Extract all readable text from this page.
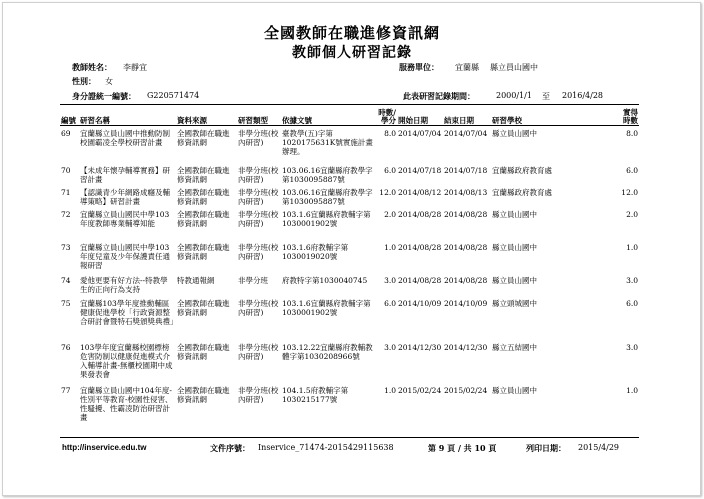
全國教師在職進修資訊網
教師個人研習記錄
教師姓名： 李靜宜	服務單位： 宜蘭縣 縣立員山國中
性別： 女
身分證統一編號： G220571474	此表研習記錄期間：	2000/1/1 至 2016/4/28
編號	研習名稱	資料來源	研習類型	依據文號	時數/
學分	開始日期	結束日期	研習學校	實得
時數

69	宜蘭縣立員山國中推動防制校園霸凌全學校研習計畫	全國教師在職進修資訊網	非學分班(校內研習)	臺教學(五)字第1020175631K號實施計畫辦理。	8.0	2014/07/04	2014/07/04	縣立員山國中	8.0
70	【未成年懷孕輔導實務】研習計畫	全國教師在職進修資訊網	非學分班(校內研習)	103.06.16宜蘭縣府教學字第1030095887號	6.0	2014/07/18	2014/07/18	宜蘭縣政府教育處	6.0
71	【認識青少年網路成癮及輔導策略】研習計畫	全國教師在職進修資訊網	非學分班(校內研習)	103.06.16宜蘭縣府教學字第1030095887號	12.0	2014/08/12	2014/08/13	宜蘭縣政府教育處	12.0
72	宜蘭縣立員山國民中學103年度教師專業輔導知能	全國教師在職進修資訊網	非學分班(校內研習)	103.1.6宜蘭縣府教輔字第1030001902號	2.0	2014/08/28	2014/08/28	縣立員山國中	2.0
73	宜蘭縣立員山國民中學103年度兒童及少年保護責任通報研習	全國教師在職進修資訊網	非學分班(校內研習)	103.1.6府教輔字第1030019020號	1.0	2014/08/28	2014/08/28	縣立員山國中	1.0
74	愛他更要有好方法--特教學生的正向行為支持	特教通報網	非學分班	府教特字第1030040745	3.0	2014/08/28	2014/08/28	縣立員山國中	3.0
75	宜蘭縣103學年度推動輔區健康促進學校「行政資源整合研討會暨特石獎頒獎典禮」	全國教師在職進修資訊網	非學分班(校內研習)	103.1.6宜蘭縣府教輔字第1030001902號	6.0	2014/10/09	2014/10/09	縣立頭城國中	6.0
76	103學年度宜蘭縣校園標榜危害防制以健康促進模式介入輔導計畫-無櫃校園期中成果發表會	全國教師在職進修資訊網	非學分班(校內研習)	103.12.22宜蘭縣府教輔教體字第1030208966號	3.0	2014/12/30	2014/12/30	縣立五結國中	3.0
77	宜蘭縣立員山國中104年度-性別平等教育-校園性侵害、性騷擾、性霸凌防治研習計畫	全國教師在職進修資訊網	非學分班(校內研習)	104.1.5府教輔字第1030215177號	1.0	2015/02/24	2015/02/24	縣立員山國中	1.0
http://inservice.edu.tw	文件序號： Inservice_71474-2015429115638	第 9 頁 / 共 10 頁	列印日期： 2015/4/29
